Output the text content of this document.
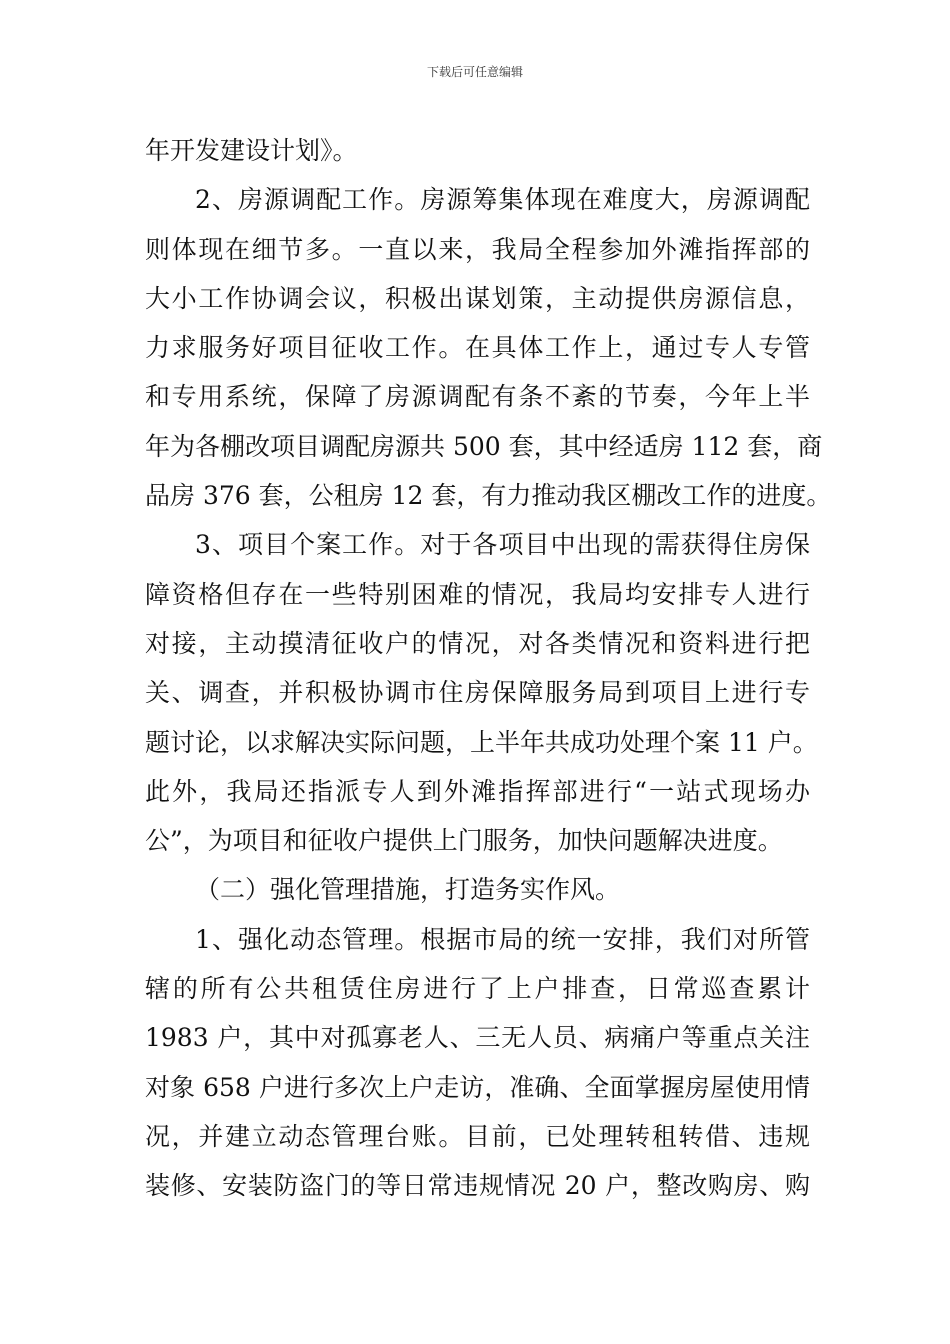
下载后可任意编辑
年开发建设计划》。
2、房源调配工作。房源筹集体现在难度大，房源调配
则体现在细节多。一直以来，我局全程参加外滩指挥部的
大小工作协调会议，积极出谋划策，主动提供房源信息，
力求服务好项目征收工作。在具体工作上，通过专人专管
和专用系统，保障了房源调配有条不紊的节奏，今年上半
年为各棚改项目调配房源共 500 套，其中经适房 112 套，商
品房 376 套，公租房 12 套，有力推动我区棚改工作的进度。
3、项目个案工作。对于各项目中出现的需获得住房保
障资格但存在一些特别困难的情况，我局均安排专人进行
对接，主动摸清征收户的情况，对各类情况和资料进行把
关、调查，并积极协调市住房保障服务局到项目上进行专
题讨论，以求解决实际问题，上半年共成功处理个案 11 户。
此外，我局还指派专人到外滩指挥部进行“一站式现场办
公”，为项目和征收户提供上门服务，加快问题解决进度。
（二）强化管理措施，打造务实作风。
1、强化动态管理。根据市局的统一安排，我们对所管
辖的所有公共租赁住房进行了上户排查，日常巡查累计
1983 户，其中对孤寡老人、三无人员、病痛户等重点关注
对象 658 户进行多次上户走访，准确、全面掌握房屋使用情
况，并建立动态管理台账。目前，已处理转租转借、违规
装修、安装防盗门的等日常违规情况 20 户，整改购房、购
